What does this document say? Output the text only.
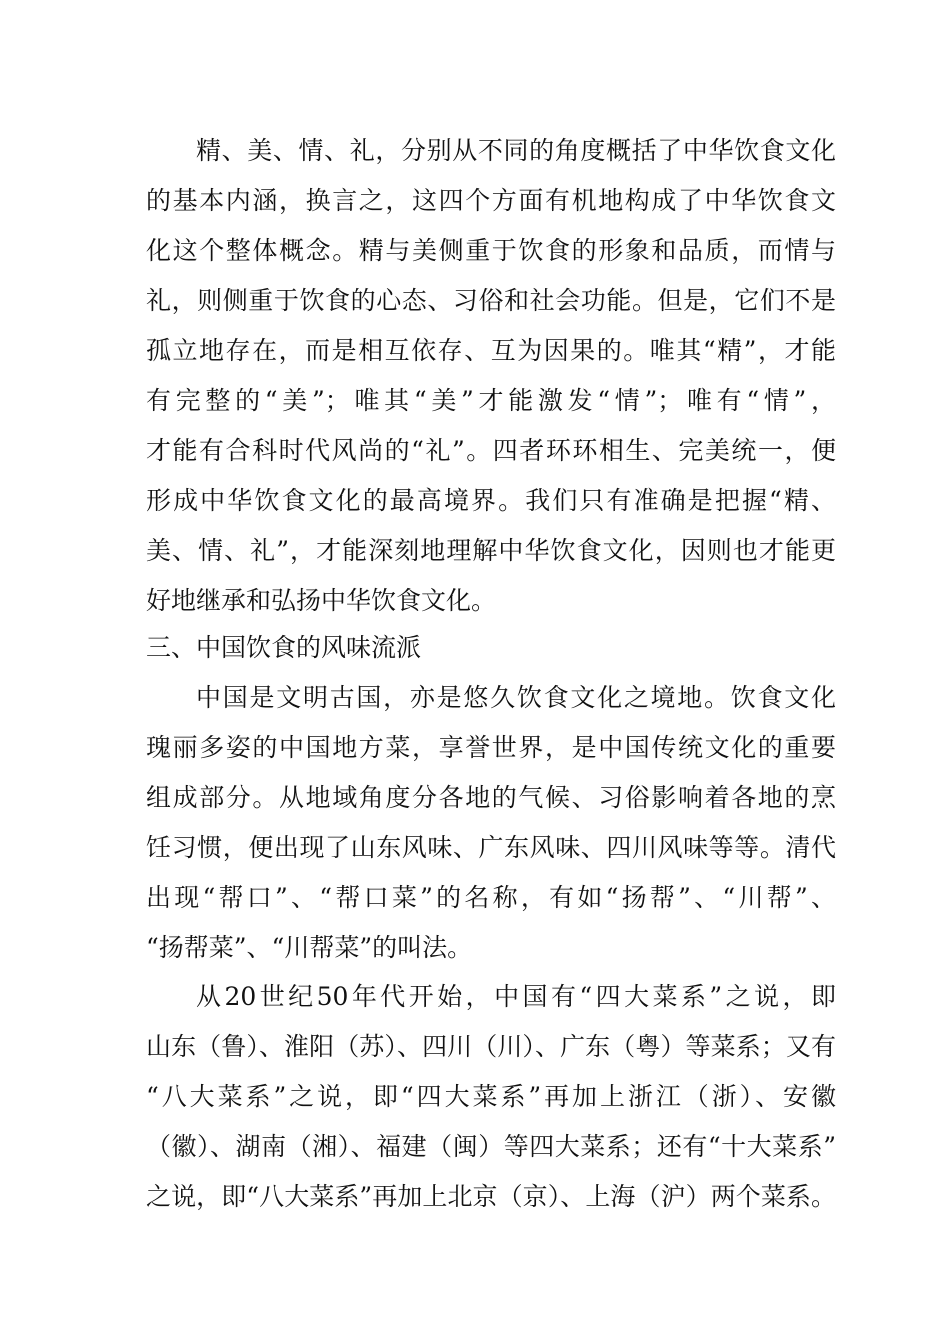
精、美、情、礼，分别从不同的角度概括了中华饮食文化
的基本内涵，换言之，这四个方面有机地构成了中华饮食文
化这个整体概念。精与美侧重于饮食的形象和品质，而情与
礼，则侧重于饮食的心态、习俗和社会功能。但是，它们不是
孤立地存在，而是相互依存、互为因果的。唯其“精”，才能
有完整的“美”；唯其“美”才能激发“情”；唯有“情”，
才能有合科时代风尚的“礼”。四者环环相生、完美统一，便
形成中华饮食文化的最高境界。我们只有准确是把握“精、
美、情、礼”，才能深刻地理解中华饮食文化，因则也才能更
好地继承和弘扬中华饮食文化。
三、中国饮食的风味流派
中国是文明古国，亦是悠久饮食文化之境地。饮食文化
瑰丽多姿的中国地方菜，享誉世界，是中国传统文化的重要
组成部分。从地域角度分各地的气候、习俗影响着各地的烹
饪习惯，便出现了山东风味、广东风味、四川风味等等。清代
出现“帮口”、“帮口菜”的名称，有如“扬帮”、“川帮”、
“扬帮菜”、“川帮菜”的叫法。
从20世纪50年代开始，中国有“四大菜系”之说，即
山东（鲁）、淮阳（苏）、四川（川）、广东（粤）等菜系；又有
“八大菜系”之说，即“四大菜系”再加上浙江（浙）、安徽
（徽）、湖南（湘）、福建（闽）等四大菜系；还有“十大菜系”
之说，即“八大菜系”再加上北京（京）、上海（沪）两个菜系。
